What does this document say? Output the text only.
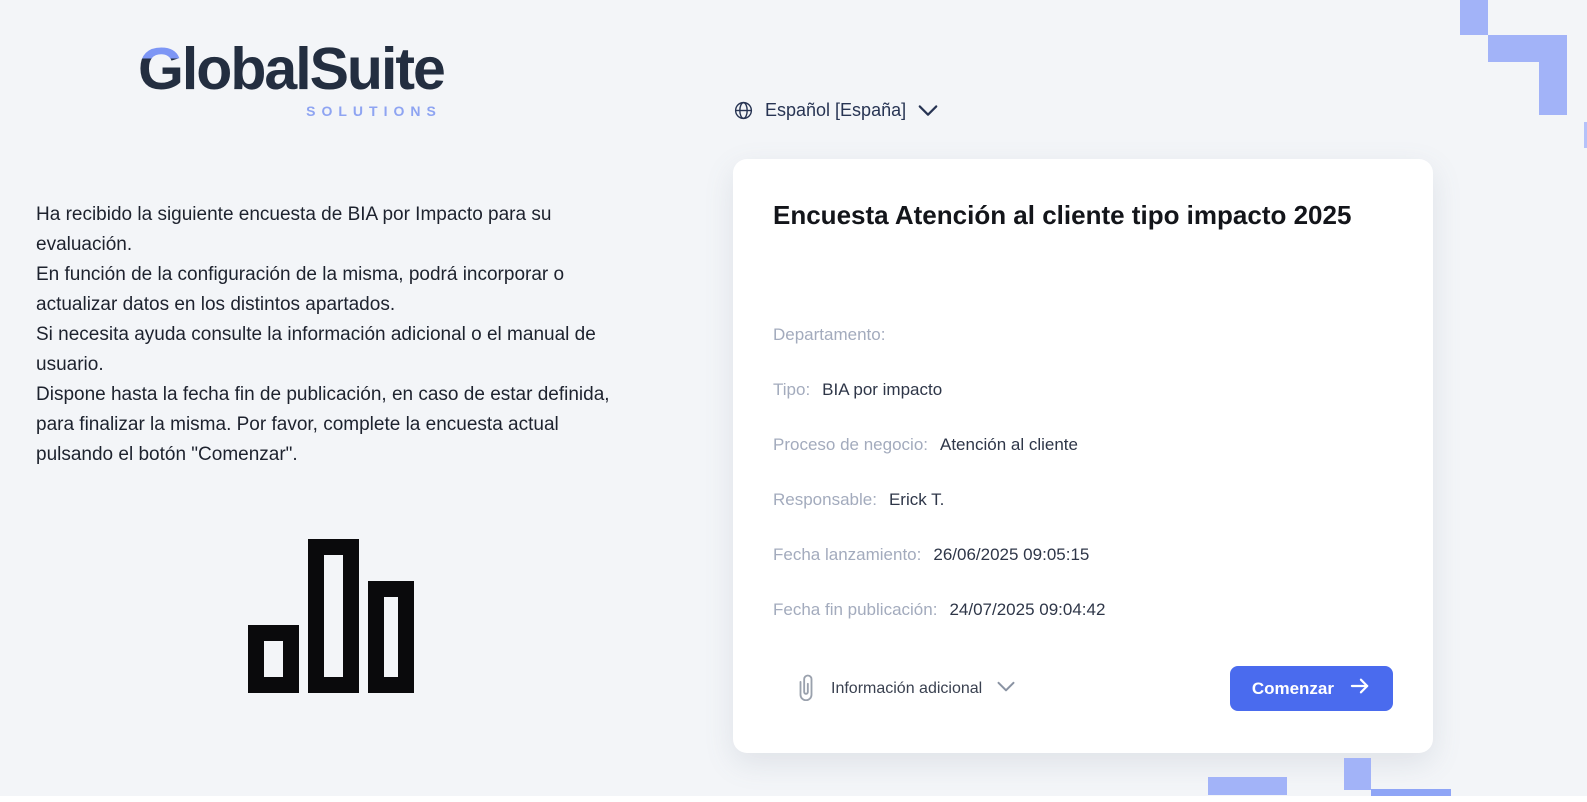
GlobalSuite
SOLUTIONS	Español [España]
Ha recibido la siguiente encuesta de BIA por Impacto para su evaluación.
En función de la configuración de la misma, podrá incorporar o actualizar datos en los distintos apartados.
Si necesita ayuda consulte la información adicional o el manual de usuario.
Dispone hasta la fecha fin de publicación, en caso de estar definida, para finalizar la misma. Por favor, complete la encuesta actual pulsando el botón "Comenzar".
Encuesta Atención al cliente tipo impacto 2025
Departamento:
Tipo: BIA por impacto
Proceso de negocio: Atención al cliente
Responsable: Erick T.
Fecha lanzamiento: 26/06/2025 09:05:15
Fecha fin publicación: 24/07/2025 09:04:42
Información adicional	Comenzar
